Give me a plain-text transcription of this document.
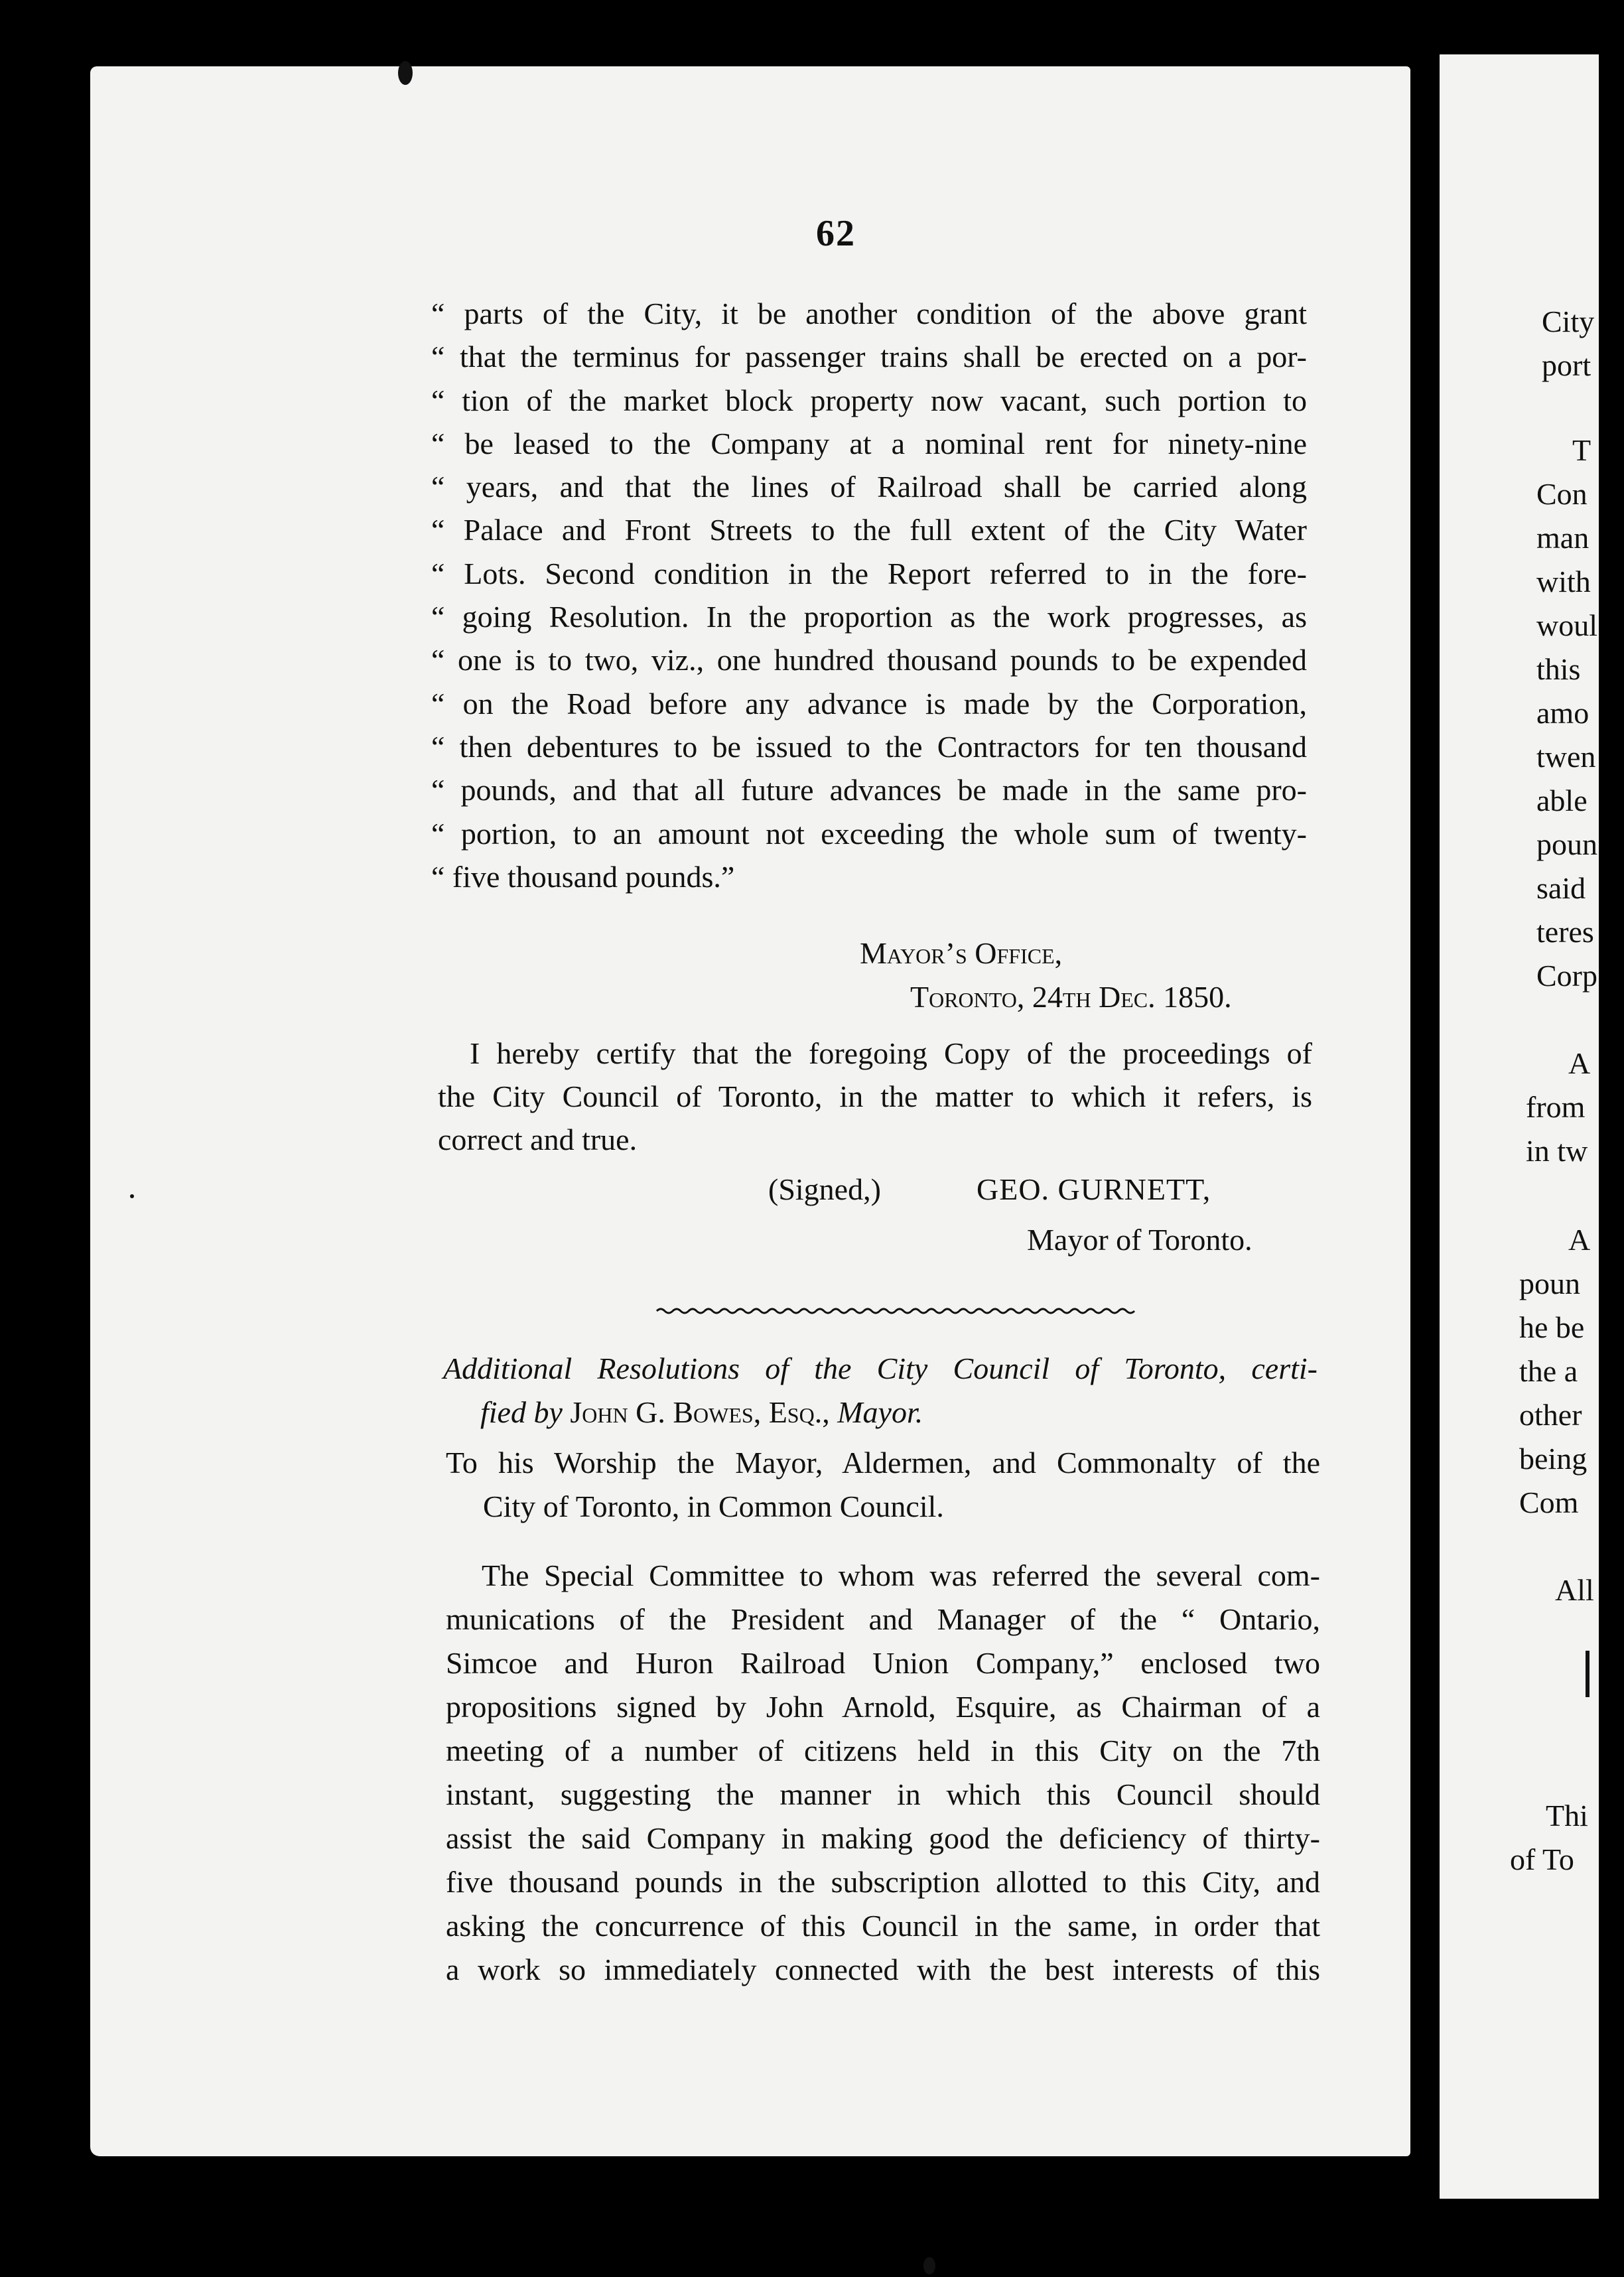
62
“ parts of the City, it be another condition of the above grant
“ that the terminus for passenger trains shall be erected on a por-
“ tion of the market block property now vacant, such portion to
“ be leased to the Company at a nominal rent for ninety-nine
“ years, and that the lines of Railroad shall be carried along
“ Palace and Front Streets to the full extent of the City Water
“ Lots. Second condition in the Report referred to in the fore-
“ going Resolution. In the proportion as the work progresses, as
“ one is to two, viz., one hundred thousand pounds to be expended
“ on the Road before any advance is made by the Corporation,
“ then debentures to be issued to the Contractors for ten thousand
“ pounds, and that all future advances be made in the same pro-
“ portion, to an amount not exceeding the whole sum of twenty-
“ five thousand pounds.”
Mayor’s Office,
Toronto, 24th Dec. 1850.
I hereby certify that the foregoing Copy of the proceedings of
the City Council of Toronto, in the matter to which it refers, is
correct and true.
(Signed,)	GEO. GURNETT,
Mayor of Toronto.
Additional Resolutions of the City Council of Toronto, certi-
fied by John G. Bowes, Esq., Mayor.
To his Worship the Mayor, Aldermen, and Commonalty of the
City of Toronto, in Common Council.
The Special Committee to whom was referred the several com-
munications of the President and Manager of the “ Ontario,
Simcoe and Huron Railroad Union Company,” enclosed two
propositions signed by John Arnold, Esquire, as Chairman of a
meeting of a number of citizens held in this City on the 7th
instant, suggesting the manner in which this Council should
assist the said Company in making good the deficiency of thirty-
five thousand pounds in the subscription allotted to this City, and
asking the concurrence of this Council in the same, in order that
a work so immediately connected with the best interests of this
City
port
T
Con
man
with
woul
this
amo
twen
able
poun
said
teres
Corp
A
from
in tw
A
poun
he be
the a
other
being
Com
All
Thi
of To
